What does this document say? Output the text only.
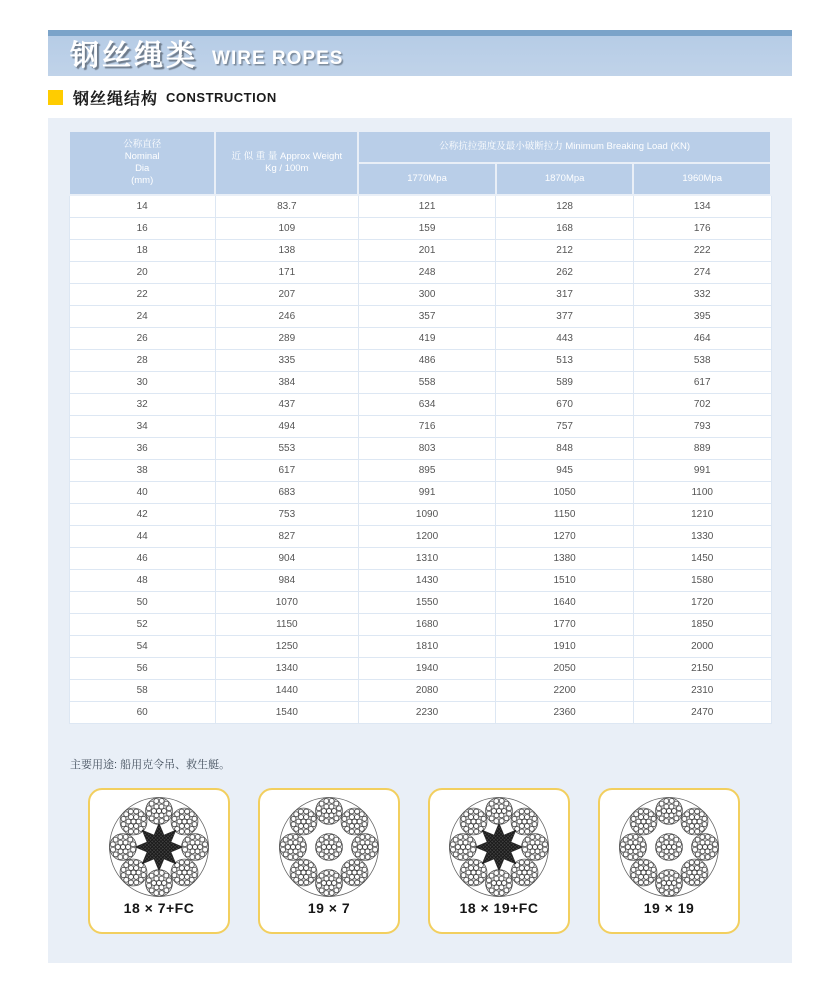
钢丝绳类 WIRE ROPES
钢丝绳结构 CONSTRUCTION
公称直径
Nominal
Dia
(mm)

近 似 重 量 Approx Weight
Kg / 100m
	公称抗拉强度及最小破断拉力 Minimum Breaking Load (KN)
		1770Mpa	1870Mpa	1960Mpa
14	83.7	121	128	134
16	109	159	168	176
18	138	201	212	222
20	171	248	262	274
22	207	300	317	332
24	246	357	377	395
26	289	419	443	464
28	335	486	513	538
30	384	558	589	617
32	437	634	670	702
34	494	716	757	793
36	553	803	848	889
38	617	895	945	991
40	683	991	1050	1100
42	753	1090	1150	1210
44	827	1200	1270	1330
46	904	1310	1380	1450
48	984	1430	1510	1580
50	1070	1550	1640	1720
52	1150	1680	1770	1850
54	1250	1810	1910	2000
56	1340	1940	2050	2150
58	1440	2080	2200	2310
60	1540	2230	2360	2470
主要用途: 船用克令吊、救生艇。
18 × 7+FC	19 × 7	18 × 19+FC	19 × 19
